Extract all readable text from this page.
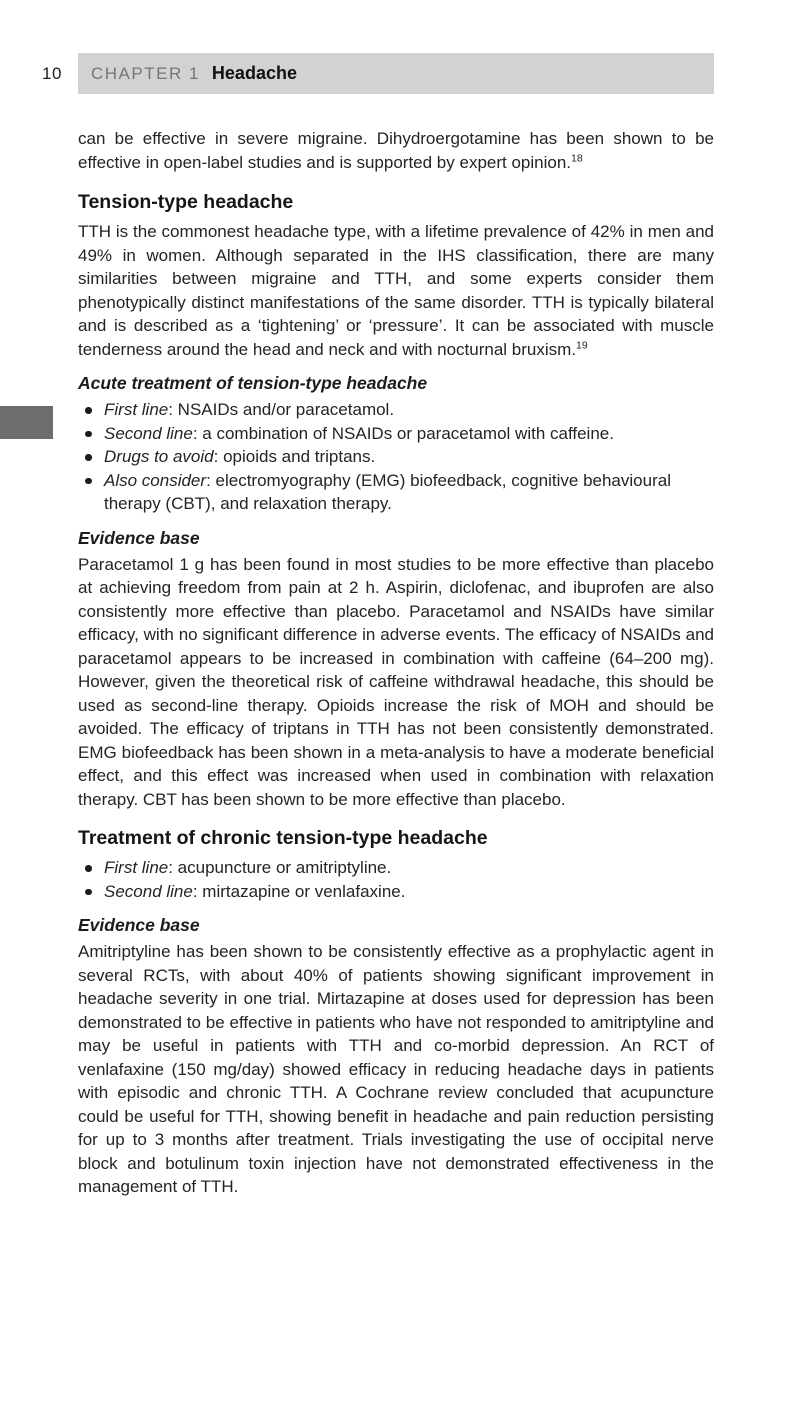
10 CHAPTER 1 Headache

can be effective in severe migraine. Dihydroergotamine has been shown to be effective in open-label studies and is supported by expert opinion.$^{18}$

Tension-type headache

TTH is the commonest headache type, with a lifetime prevalence of 42% in men and 49% in women. Although separated in the IHS classification, there are many similarities between migraine and TTH, and some experts consider them phenotypically distinct manifestations of the same disorder. TTH is typically bilateral and is described as a ‘tightening’ or ‘pressure’. It can be associated with muscle tenderness around the head and neck and with nocturnal bruxism.$^{19}$

Acute treatment of tension-type headache
First line: NSAIDs and/or paracetamol.
Second line: a combination of NSAIDs or paracetamol with caffeine.
Drugs to avoid: opioids and triptans.
Also consider: electromyography (EMG) biofeedback, cognitive behavioural therapy (CBT), and relaxation therapy.
Evidence base

Paracetamol 1 g has been found in most studies to be more effective than placebo at achieving freedom from pain at 2 h. Aspirin, diclofenac, and ibuprofen are also consistently more effective than placebo. Paracetamol and NSAIDs have similar efficacy, with no significant difference in adverse events. The efficacy of NSAIDs and paracetamol appears to be increased in combination with caffeine (64–200 mg). However, given the theoretical risk of caffeine withdrawal headache, this should be used as second-line therapy. Opioids increase the risk of MOH and should be avoided. The efficacy of triptans in TTH has not been consistently demonstrated. EMG biofeedback has been shown in a meta-analysis to have a moderate beneficial effect, and this effect was increased when used in combination with relaxation therapy. CBT has been shown to be more effective than placebo.

Treatment of chronic tension-type headache
First line: acupuncture or amitriptyline.
Second line: mirtazapine or venlafaxine.
Evidence base

Amitriptyline has been shown to be consistently effective as a prophylactic agent in several RCTs, with about 40% of patients showing significant improvement in headache severity in one trial. Mirtazapine at doses used for depression has been demonstrated to be effective in patients who have not responded to amitriptyline and may be useful in patients with TTH and co-morbid depression. An RCT of venlafaxine (150 mg/day) showed efficacy in reducing headache days in patients with episodic and chronic TTH. A Cochrane review concluded that acupuncture could be useful for TTH, showing benefit in headache and pain reduction persisting for up to 3 months after treatment. Trials investigating the use of occipital nerve block and botulinum toxin injection have not demonstrated effectiveness in the management of TTH.
